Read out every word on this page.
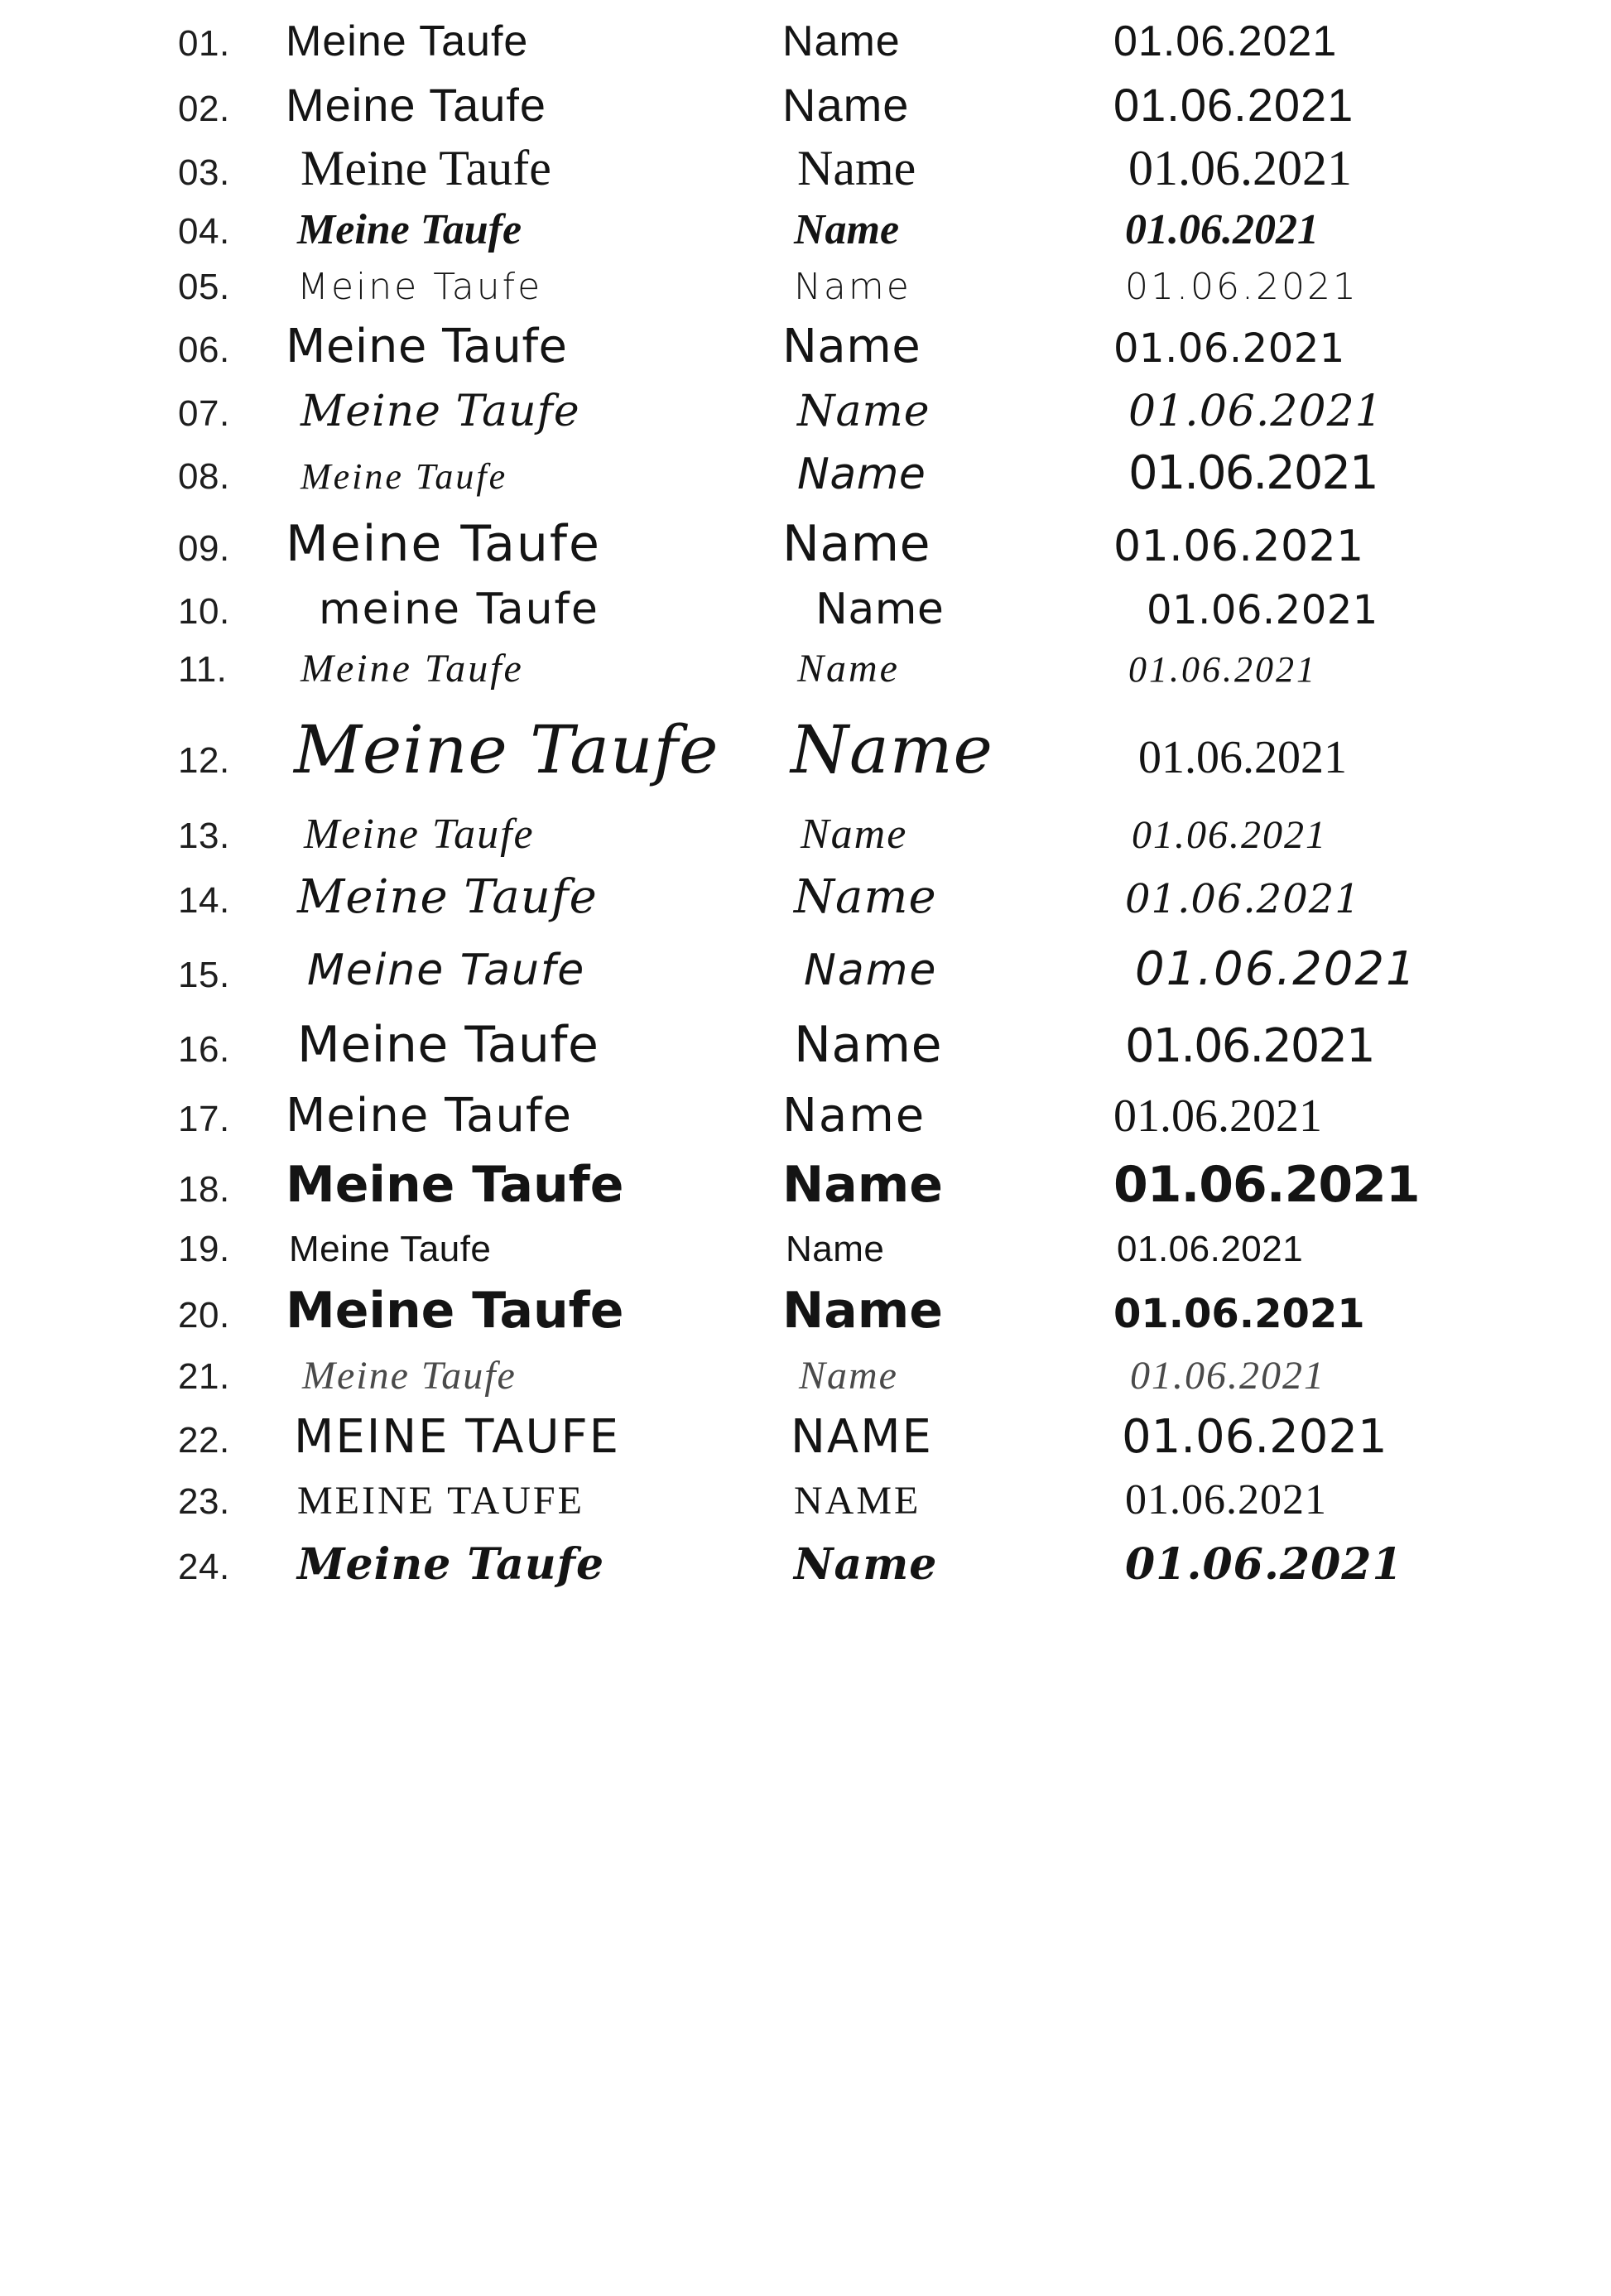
01.	Meine Taufe	Name	01.06.2021
02.	Meine Taufe	Name	01.06.2021
03.	Meine Taufe	Name	01.06.2021
04.	Meine Taufe	Name	01.06.2021
05.	Meine Taufe	Name	01.06.2021
06.	Meine Taufe	Name	01.06.2021
07.	Meine Taufe	Name	01.06.2021
08.	Meine Taufe	Name	01.06.2021
09.	Meine Taufe	Name	01.06.2021
10.	meine Taufe	Name	01.06.2021
11.	Meine Taufe	Name	01.06.2021
12. Meine Taufe	Name	01.06.2021
13.	Meine Taufe	Name	01.06.2021
14.	Meine Taufe	Name	01.06.2021
15.	Meine Taufe	Name	01.06.2021
16.	Meine Taufe	Name	01.06.2021
17.	Meine Taufe	Name	01.06.2021
18.	Meine Taufe	Name	01.06.2021
19.	Meine Taufe	Name	01.06.2021
20.	Meine Taufe	Name	01.06.2021
21.	Meine Taufe	Name	01.06.2021
22.	MEINE TAUFE	NAME	01.06.2021
23.	MEINE TAUFE	NAME	01.06.2021
24.	Meine Taufe	Name	01.06.2021
